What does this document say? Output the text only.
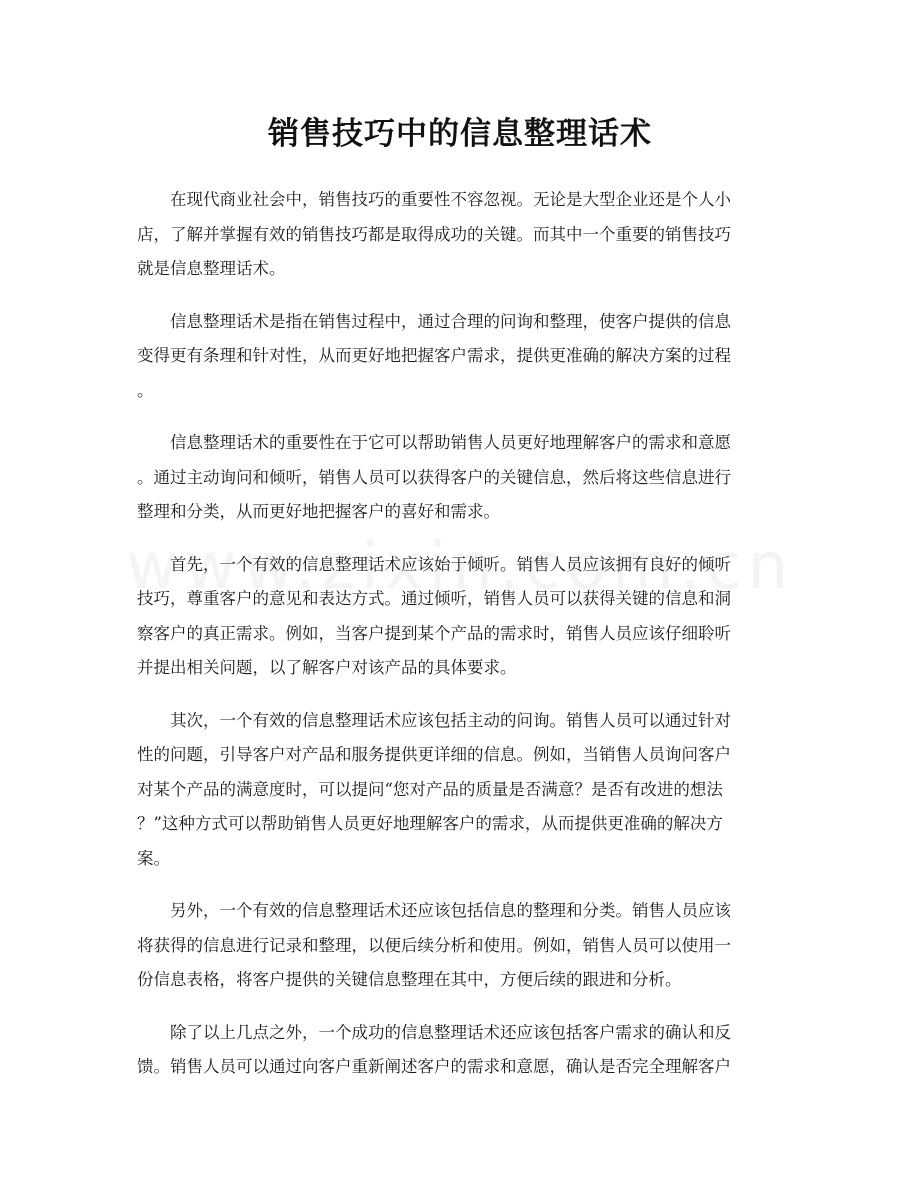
销售技巧中的信息整理话术

　　在现代商业社会中，销售技巧的重要性不容忽视。无论是大型企业还是个人小
店，了解并掌握有效的销售技巧都是取得成功的关键。而其中一个重要的销售技巧
就是信息整理话术。

　　信息整理话术是指在销售过程中，通过合理的问询和整理，使客户提供的信息
变得更有条理和针对性，从而更好地把握客户需求，提供更准确的解决方案的过程
。

　　信息整理话术的重要性在于它可以帮助销售人员更好地理解客户的需求和意愿
。通过主动询问和倾听，销售人员可以获得客户的关键信息，然后将这些信息进行
整理和分类，从而更好地把握客户的喜好和需求。

　　首先，一个有效的信息整理话术应该始于倾听。销售人员应该拥有良好的倾听
技巧，尊重客户的意见和表达方式。通过倾听，销售人员可以获得关键的信息和洞
察客户的真正需求。例如，当客户提到某个产品的需求时，销售人员应该仔细聆听
并提出相关问题，以了解客户对该产品的具体要求。

　　其次，一个有效的信息整理话术应该包括主动的问询。销售人员可以通过针对
性的问题，引导客户对产品和服务提供更详细的信息。例如，当销售人员询问客户
对某个产品的满意度时，可以提问“您对产品的质量是否满意？是否有改进的想法
？”这种方式可以帮助销售人员更好地理解客户的需求，从而提供更准确的解决方
案。

　　另外，一个有效的信息整理话术还应该包括信息的整理和分类。销售人员应该
将获得的信息进行记录和整理，以便后续分析和使用。例如，销售人员可以使用一
份信息表格，将客户提供的关键信息整理在其中，方便后续的跟进和分析。

　　除了以上几点之外，一个成功的信息整理话术还应该包括客户需求的确认和反
馈。销售人员可以通过向客户重新阐述客户的需求和意愿，确认是否完全理解客户
